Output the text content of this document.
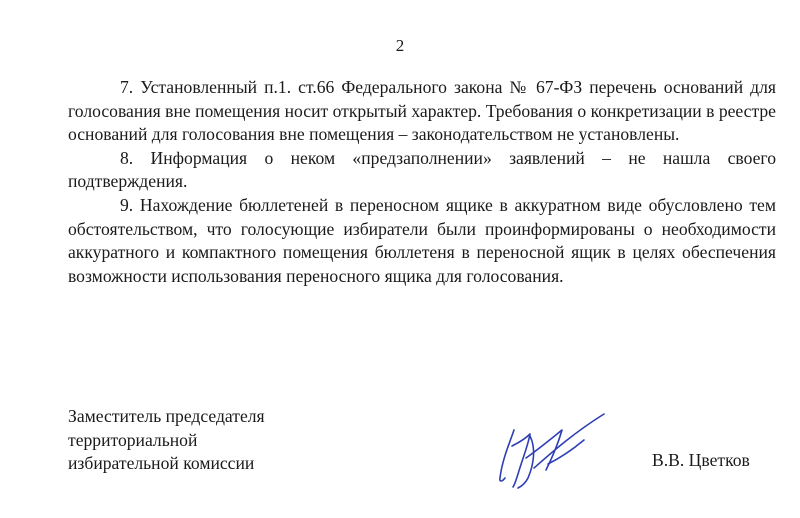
2

7. Установленный п.1. ст.66 Федерального закона № 67-ФЗ перечень оснований для голосования вне помещения носит открытый характер. Требования о конкретизации в реестре оснований для голосования вне помещения – законодательством не установлены.

8. Информация о неком «предзаполнении» заявлений – не нашла своего подтверждения.

9. Нахождение бюллетеней в переносном ящике в аккуратном виде обусловлено тем обстоятельством, что голосующие избиратели были проинформированы о необходимости аккуратного и компактного помещения бюллетеня в переносной ящик в целях обеспечения возможности использования переносного ящика для голосования.

Заместитель председателя
территориальной
избирательной комиссии	В.В. Цветков
